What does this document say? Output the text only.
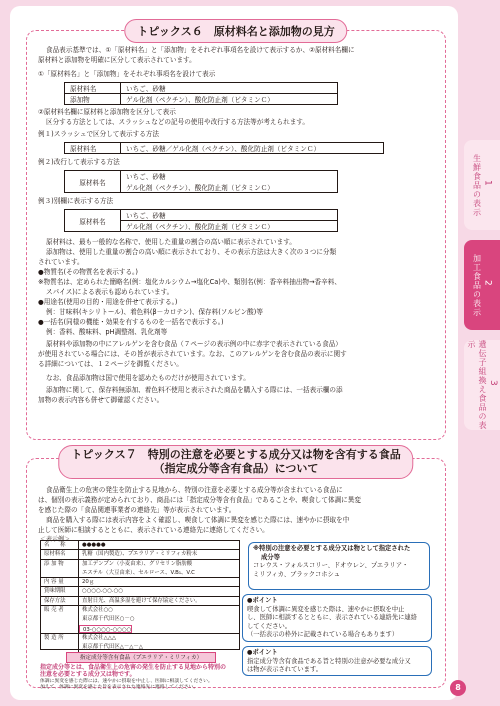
1
生鮮食品の表示
2
加工食品の表示
3
遺伝子組換え食品の表示
トピックス６　原材料名と添加物の見方
食品表示基準では、①「原材料名」と「添加物」をそれぞれ事項名を設けて表示するか、②原材料名欄に
原材料と添加物を明確に区分して表示されています。
①「原材料名」と「添加物」をそれぞれ事項名を設けて表示
原材料名	いちご、砂糖
添加物	ゲル化剤（ペクチン）、酸化防止剤（ビタミンＣ）
②原材料名欄に原材料と添加物を区分して表示
区分する方法としては、スラッシュなどの記号の使用や改行する方法等が考えられます。
例１)スラッシュで区分して表示する方法
原材料名	いちご、砂糖／ゲル化剤（ペクチン）、酸化防止剤（ビタミンＣ）
例２)改行して表示する方法
原材料名	いちご、砂糖
ゲル化剤（ペクチン）、酸化防止剤（ビタミンＣ）
例３)別欄に表示する方法
原材料名	いちご、砂糖
ゲル化剤（ペクチン）、酸化防止剤（ビタミンＣ）
原材料は、最も一般的な名称で、使用した重量の割合の高い順に表示されています。
添加物は、使用した重量の割合の高い順に表示されており、その表示方法は大きく次の３つに分類
されています。
●物質名(その物質名を表示する。)
※物質名は、定められた簡略名(例：塩化カルシウム→塩化Ca)や、類別名(例：香辛料抽出物→香辛料、
スパイス)による表示も認められています。
●用途名(使用の目的・用途を併せて表示する。)
例：甘味料(キシリトール)、着色料(β－カロテン)、保存料(ソルビン酸)等
●一括名(同様の機能・効果を有するものを一括名で表示する。)
例：香料、酸味料、pH調整剤、乳化剤等
原材料や添加物の中にアレルゲンを含む食品（７ページの表示例の中に赤字で表示されている食品）
が使用されている場合には、その旨が表示されています。なお、このアレルゲンを含む食品の表示に関す
る詳細については、１２ページを御覧ください。
なお、食品添加物は国で使用を認めたものだけが使用されています。
添加物に関して、保存料無添加、着色料不使用と表示された商品を購入する際には、一括表示欄の添
加物の表示内容も併せて御確認ください。
トピックス７　特別の注意を必要とする成分又は物を含有する食品
（指定成分等含有食品）について
食品衛生上の危害の発生を防止する見地から、特別の注意を必要とする成分等が含まれている食品に
は、個別の表示義務が定められており、商品には「指定成分等含有食品」であることや、喫食して体調に異変
を感じた際の「食品関連事業者の連絡先」等が表示されています。
商品を購入する際には表示内容をよく確認し、喫食して体調に異変を感じた際には、速やかに摂取を中
止して医師に相談するとともに、表示されている連絡先に連絡してください。
＜表示例＞
名　　称	●●●●●
原材料名	乳糖（国内製造）、プエラリア・ミリフィカ粉末
添 加 物	加工デンプン（小麦由来）、グリセリン脂肪酸
エステル（大豆由来）、セルロース、V.B₁、V.C
内 容 量	20ｇ
賞味期限	○○○○.○○.○○
保存方法	直射日光、高温多湿を避けて保存協定ください。
販 売 者	株式会社○○
東京都千代田区○－○
03-○○○○-○○○○
製 造 所	株式会社△△△
東京都千代田区△－△－△
※特別の注意を必要とする成分又は物として指定された
成分等
コレウス・フォルスコリー、ドオウレン、プエラリア・
ミリフィカ、ブラックコホシュ
●ポイント
喫食して体調に異変を感じた際は、速やかに摂取を中止
し、医師に相談するとともに、表示されている連絡先に連絡
してください。
（一括表示の枠外に記載されている場合もあります）
●ポイント
指定成分等含有食品である旨と特別の注意が必要な成分又
は物が表示されています。
指定成分等含有食品（プエラリア・ミリフィカ）
指定成分等とは、食品衛生上の危害の発生を防止する見地から特別の
注意を必要とする成分又は物です。
体調に異変を感じた際には、速やかに摂取を中止し、医師に相談してください。
加えて、体調に異変を感じた旨を表示された連絡先に連絡してください。	8
